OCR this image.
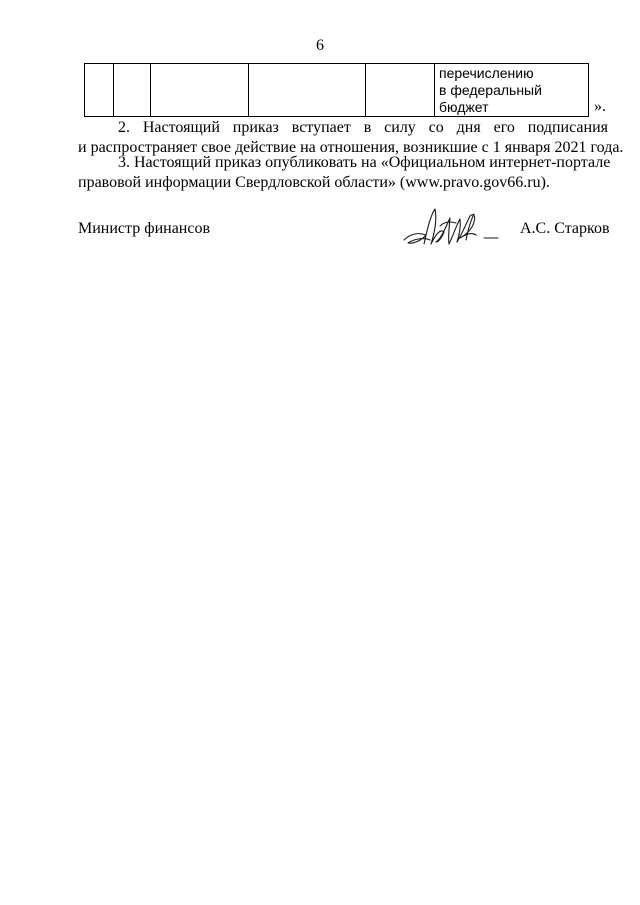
6

перечислению
в федеральный
бюджет	».
2. Настоящий приказ вступает в силу со дня его подписания
и распространяет свое действие на отношения, возникшие с 1 января 2021 года.
3. Настоящий приказ опубликовать на «Официальном интернет-портале
правовой информации Свердловской области» (www.pravo.gov66.ru).
Министр финансов	А.С. Старков
